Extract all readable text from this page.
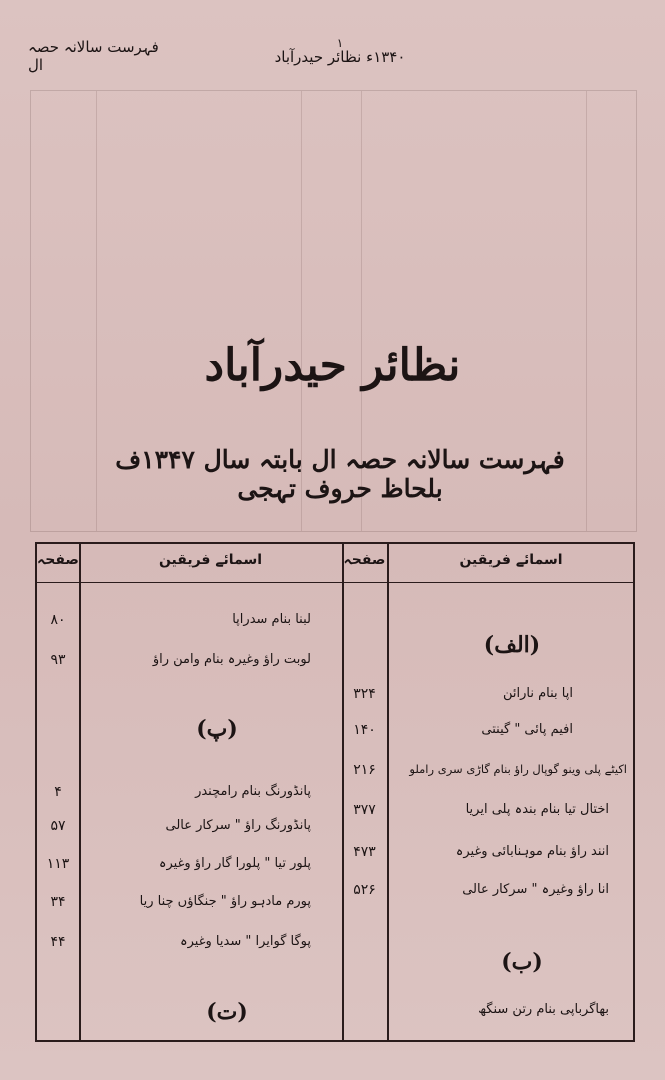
فہرست سالانہ حصہ ال
۱
۱۳۴۰ء نظائر حیدرآباد
نظائر حیدرآباد
فہرست سالانہ حصہ ال بابتہ سال ۱۳۴۷ف بلحاظ حروف تہجی
اسمائے فریقین
صفحہ
اسمائے فریقین
صفحہ
(الف)
اپا بنام نارائن
۳۲۴
افیم پائی " گینتی
۱۴۰
اکیٹے پلی وینو گوپال راؤ بنام گاڑی سری راملو
۲۱۶
اختال تیا بنام بندہ پلی ایریا
۳۷۷
انند راؤ بنام موہنابائی وغیرہ
۴۷۳
انا راؤ وغیرہ " سرکار عالی
۵۲۶
(ب)
بھاگرباپی بنام رتن سنگھ
لبنا بنام سدراپا
۸۰
لوبت راؤ وغیرہ بنام وامن راؤ
۹۳
(پ)
پانڈورنگ بنام رامچندر
۴
پانڈورنگ راؤ " سرکار عالی
۵۷
پلور تیا " پلورا گار راؤ وغیرہ
۱۱۳
پورم مادہو راؤ " جنگاؤں چنا ریا
۳۴
پوگا گوایرا " سدیا وغیرہ
۴۴
(ت)
